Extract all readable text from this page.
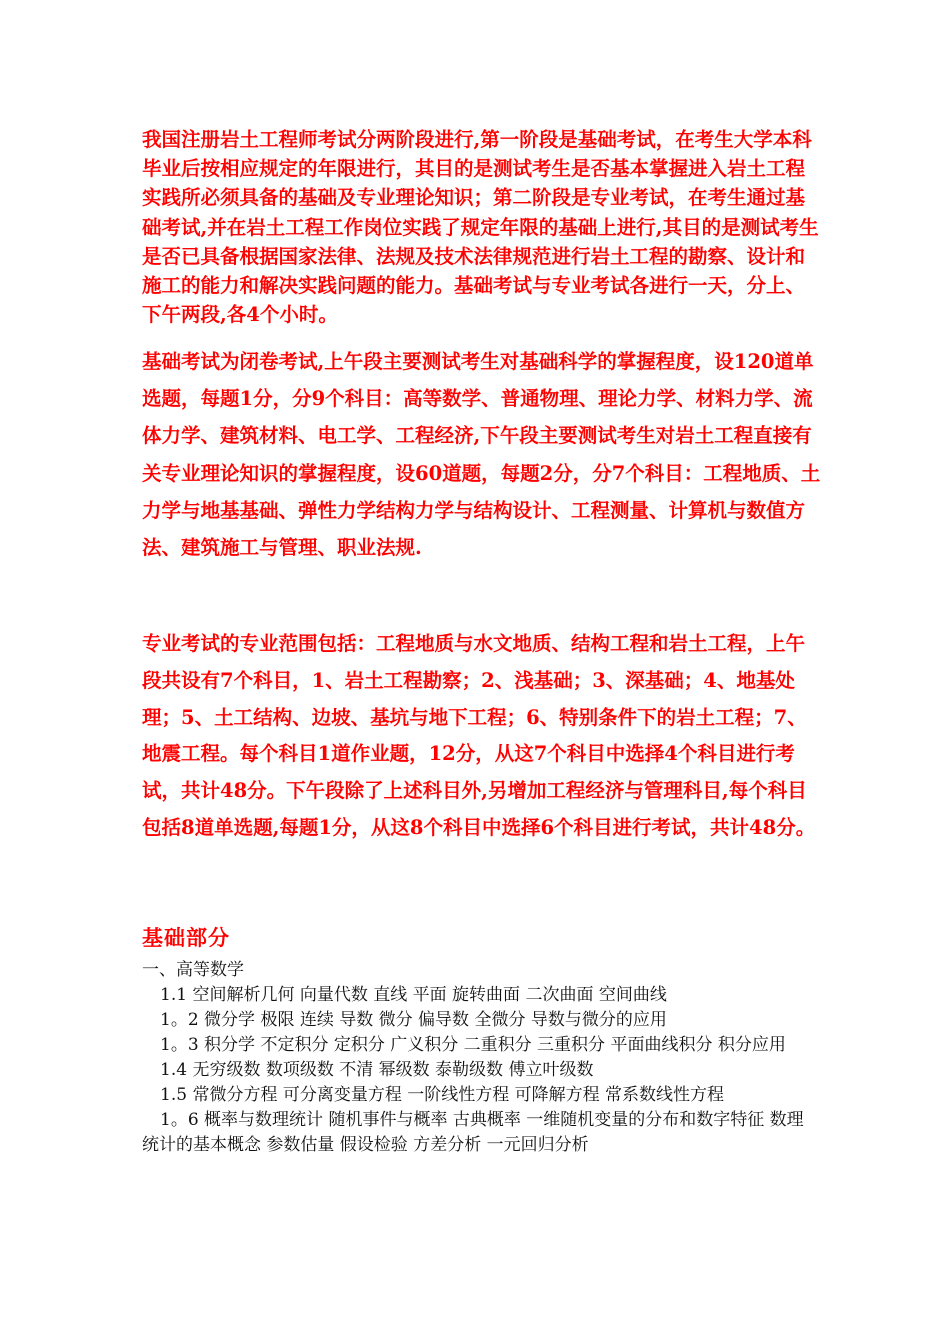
我国注册岩土工程师考试分两阶段进行,第一阶段是基础考试，在考生大学本科毕业后按相应规定的年限进行，其目的是测试考生是否基本掌握进入岩土工程实践所必须具备的基础及专业理论知识；第二阶段是专业考试，在考生通过基础考试,并在岩土工程工作岗位实践了规定年限的基础上进行,其目的是测试考生是否已具备根据国家法律、法规及技术法律规范进行岩土工程的勘察、设计和施工的能力和解决实践问题的能力。基础考试与专业考试各进行一天，分上、下午两段,各4个小时。

基础考试为闭卷考试,上午段主要测试考生对基础科学的掌握程度，设120道单选题，每题1分，分9个科目：高等数学、普通物理、理论力学、材料力学、流体力学、建筑材料、电工学、工程经济,下午段主要测试考生对岩土工程直接有关专业理论知识的掌握程度，设60道题，每题2分，分7个科目：工程地质、土力学与地基基础、弹性力学结构力学与结构设计、工程测量、计算机与数值方法、建筑施工与管理、职业法规.

专业考试的专业范围包括：工程地质与水文地质、结构工程和岩土工程，上午段共设有7个科目，1、岩土工程勘察；2、浅基础；3、深基础；4、地基处理；5、土工结构、边坡、基坑与地下工程；6、特别条件下的岩土工程；7、地震工程。每个科目1道作业题，12分，从这7个科目中选择4个科目进行考试，共计48分。下午段除了上述科目外,另增加工程经济与管理科目,每个科目包括8道单选题,每题1分，从这8个科目中选择6个科目进行考试，共计48分。

基础部分
一、高等数学
1.1 空间解析几何 向量代数 直线 平面 旋转曲面 二次曲面 空间曲线
1。2 微分学 极限 连续 导数 微分 偏导数 全微分 导数与微分的应用
1。3 积分学 不定积分 定积分 广义积分 二重积分 三重积分 平面曲线积分 积分应用
1.4 无穷级数 数项级数 不清 幂级数 泰勒级数 傅立叶级数
1.5 常微分方程 可分离变量方程 一阶线性方程 可降解方程 常系数线性方程
1。6 概率与数理统计 随机事件与概率 古典概率 一维随机变量的分布和数字特征 数理统计的基本概念 参数估量 假设检验 方差分析 一元回归分析
